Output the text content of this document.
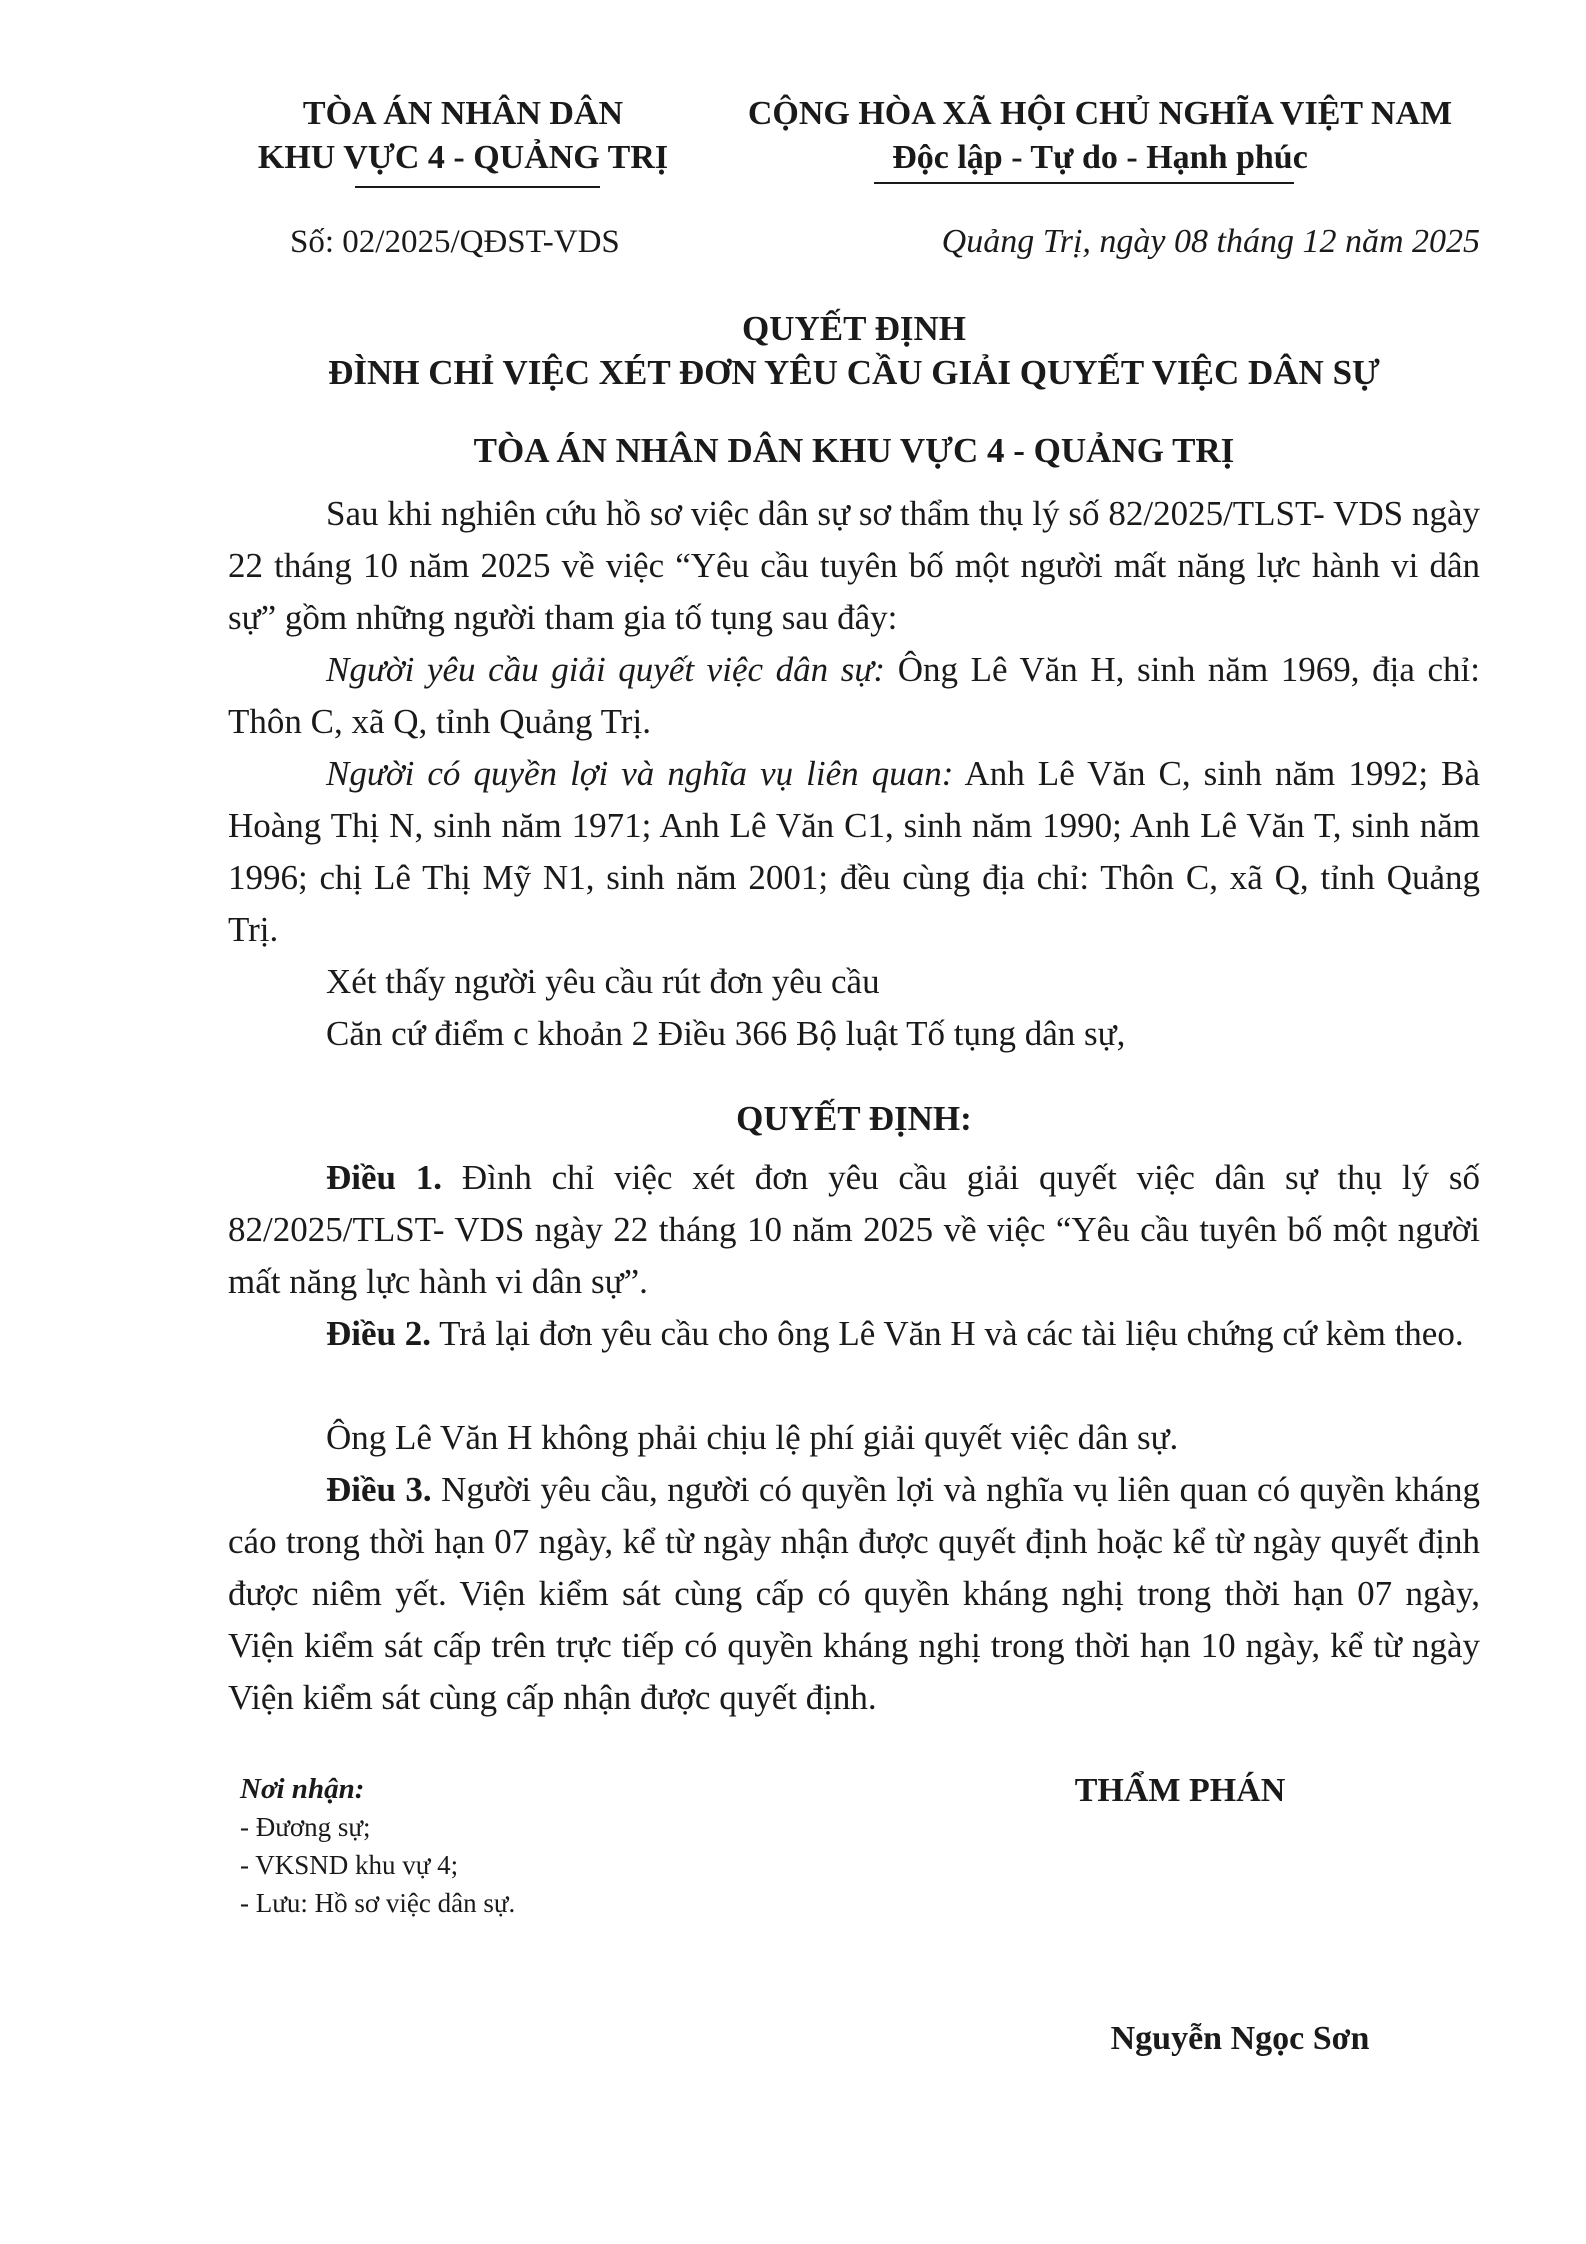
TÒA ÁN NHÂN DÂN
KHU VỰC 4 - QUẢNG TRỊ
CỘNG HÒA XÃ HỘI CHỦ NGHĨA VIỆT NAM
Độc lập - Tự do - Hạnh phúc
Số: 02/2025/QĐST-VDS	Quảng Trị, ngày 08 tháng 12 năm 2025
QUYẾT ĐỊNH
ĐÌNH CHỈ VIỆC XÉT ĐƠN YÊU CẦU GIẢI QUYẾT VIỆC DÂN SỰ
TÒA ÁN NHÂN DÂN KHU VỰC 4 - QUẢNG TRỊ

Sau khi nghiên cứu hồ sơ việc dân sự sơ thẩm thụ lý số 82/2025/TLST- VDS ngày 22 tháng 10 năm 2025 về việc “Yêu cầu tuyên bố một người mất năng lực hành vi dân sự” gồm những người tham gia tố tụng sau đây:

Người yêu cầu giải quyết việc dân sự: Ông Lê Văn H, sinh năm 1969, địa chỉ: Thôn C, xã Q, tỉnh Quảng Trị.

Người có quyền lợi và nghĩa vụ liên quan: Anh Lê Văn C, sinh năm 1992; Bà Hoàng Thị N, sinh năm 1971; Anh Lê Văn C1, sinh năm 1990; Anh Lê Văn T, sinh năm 1996; chị Lê Thị Mỹ N1, sinh năm 2001; đều cùng địa chỉ: Thôn C, xã Q, tỉnh Quảng Trị.

Xét thấy người yêu cầu rút đơn yêu cầu

Căn cứ điểm c khoản 2 Điều 366 Bộ luật Tố tụng dân sự,

QUYẾT ĐỊNH:

Điều 1. Đình chỉ việc xét đơn yêu cầu giải quyết việc dân sự thụ lý số 82/2025/TLST- VDS ngày 22 tháng 10 năm 2025 về việc “Yêu cầu tuyên bố một người mất năng lực hành vi dân sự”.

Điều 2. Trả lại đơn yêu cầu cho ông Lê Văn H và các tài liệu chứng cứ kèm theo.

Ông Lê Văn H không phải chịu lệ phí giải quyết việc dân sự.

Điều 3. Người yêu cầu, người có quyền lợi và nghĩa vụ liên quan có quyền kháng cáo trong thời hạn 07 ngày, kể từ ngày nhận được quyết định hoặc kể từ ngày quyết định được niêm yết. Viện kiểm sát cùng cấp có quyền kháng nghị trong thời hạn 07 ngày, Viện kiểm sát cấp trên trực tiếp có quyền kháng nghị trong thời hạn 10 ngày, kể từ ngày Viện kiểm sát cùng cấp nhận được quyết định.

Nơi nhận:
- Đương sự;
- VKSND khu vự 4;
- Lưu: Hồ sơ việc dân sự.
THẨM PHÁN
Nguyễn Ngọc Sơn
